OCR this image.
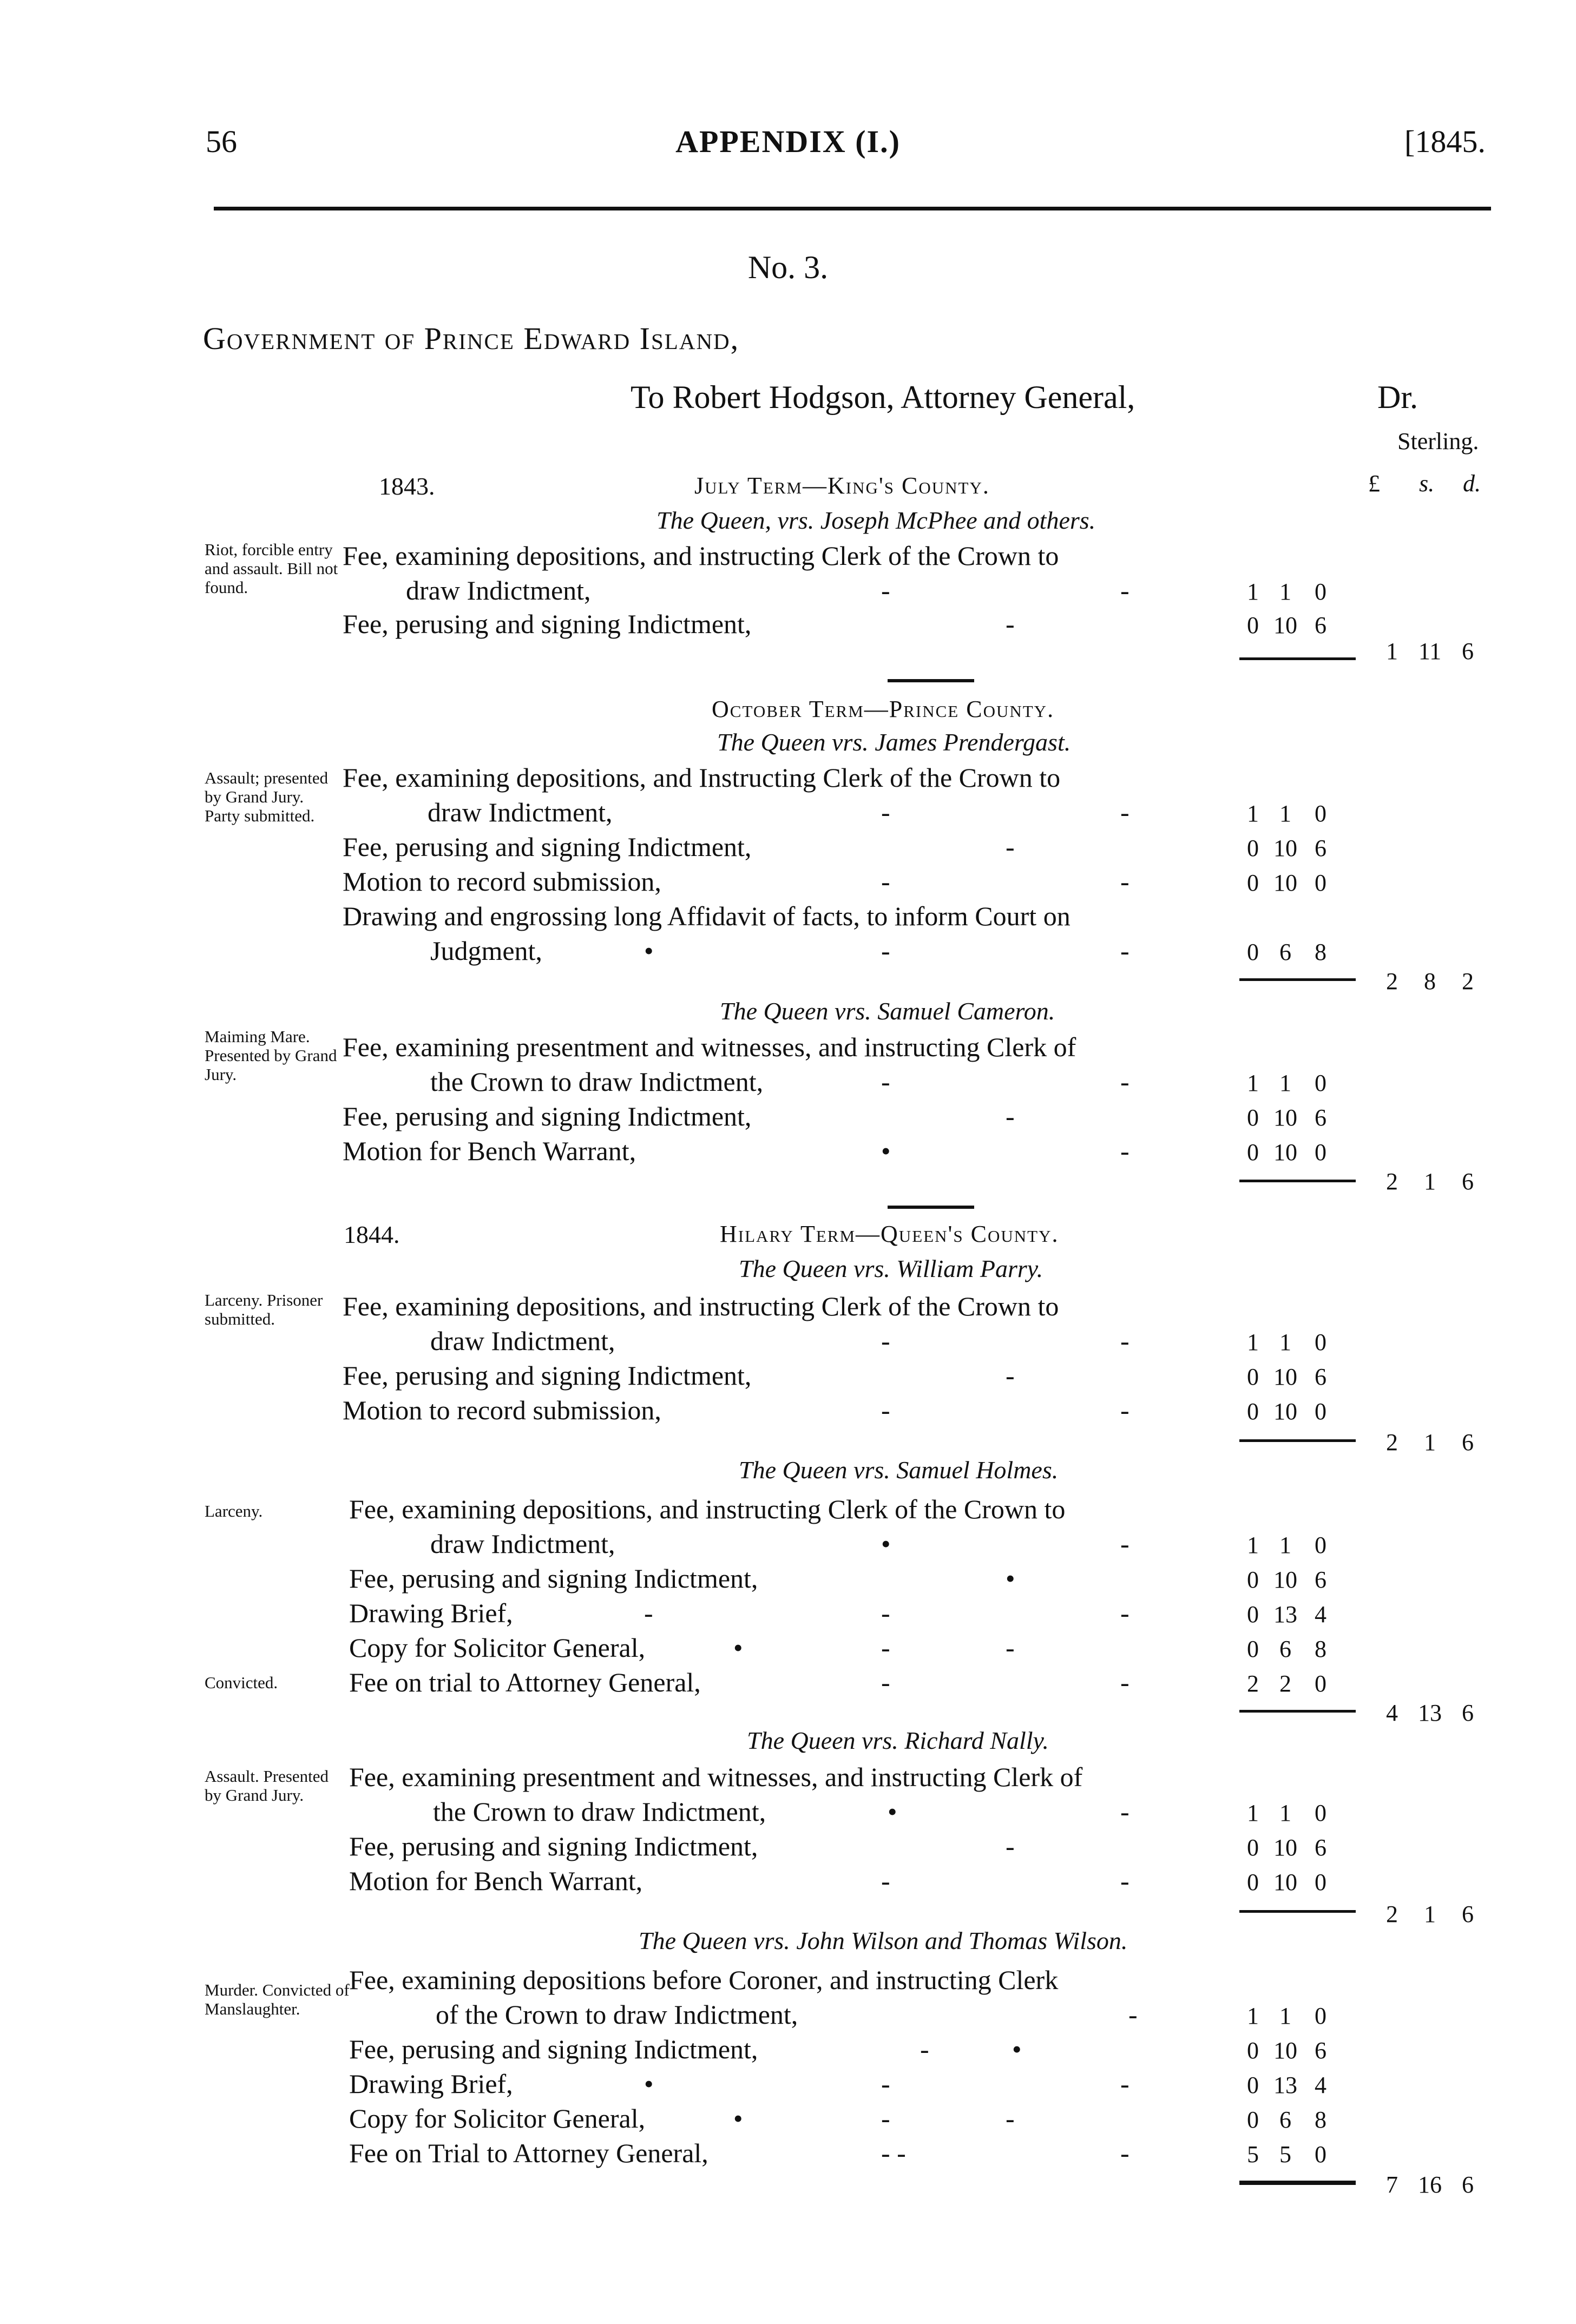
56	APPENDIX (I.)	[1845.
No. 3.
Government of Prince Edward Island,
To Robert Hodgson, Attorney General,	Dr.
Sterling.
£ s. d.
1843.	July Term—King's County.
The Queen, vrs. Joseph McPhee and others.
Riot, forcible entry and assault. Bill not found.
Fee, examining depositions, and instructing Clerk of the Crown to
draw Indictment,	-	-	1 1 0
Fee, perusing and signing Indictment,	-	0 10 6
1 11 6
October Term—Prince County.
The Queen vrs. James Prendergast.
Assault; presented by Grand Jury. Party submitted.
Fee, examining depositions, and Instructing Clerk of the Crown to
draw Indictment,	-	-	1 1 0
Fee, perusing and signing Indictment,	-	0 10 6
Motion to record submission,	-	-	0 10 0
Drawing and engrossing long Affidavit of facts, to inform Court on
Judgment,	•	-	-	0 6 8
2 8 2
The Queen vrs. Samuel Cameron.
Maiming Mare. Presented by Grand Jury.
Fee, examining presentment and witnesses, and instructing Clerk of
the Crown to draw Indictment,	-	-	1 1 0
Fee, perusing and signing Indictment,	-	0 10 6
Motion for Bench Warrant,	•	-	0 10 0
2 1 6
1844.	Hilary Term—Queen's County.
The Queen vrs. William Parry.
Larceny. Prisoner submitted.	Fee, examining depositions, and instructing Clerk of the Crown to
draw Indictment,	-	-	1 1 0
Fee, perusing and signing Indictment,	-	0 10 6
Motion to record submission,	-	-	0 10 0
2 1 6
The Queen vrs. Samuel Holmes.
Larceny.	Fee, examining depositions, and instructing Clerk of the Crown to
draw Indictment,	•	-	1 1 0
Fee, perusing and signing Indictment,	•	0 10 6
Drawing Brief,	-	-	-	0 13 4
Copy for Solicitor General,	•	-	-	0 6 8
Convicted.	Fee on trial to Attorney General,	-	-	2 2 0
4 13 6
The Queen vrs. Richard Nally.
Assault. Presented by Grand Jury.
Fee, examining presentment and witnesses, and instructing Clerk of
the Crown to draw Indictment,	•	-	1 1 0
Fee, perusing and signing Indictment,	-	0 10 6
Motion for Bench Warrant,	-	-	0 10 0
2 1 6
The Queen vrs. John Wilson and Thomas Wilson.
Murder. Convicted of Manslaughter.
Fee, examining depositions before Coroner, and instructing Clerk
of the Crown to draw Indictment,	-	1 1 0
Fee, perusing and signing Indictment,	-	•	0 10 6
Drawing Brief,	•	-	-	0 13 4
Copy for Solicitor General,	•	-	-	0 6 8
Fee on Trial to Attorney General,	- -	-	5 5 0
7 16 6
